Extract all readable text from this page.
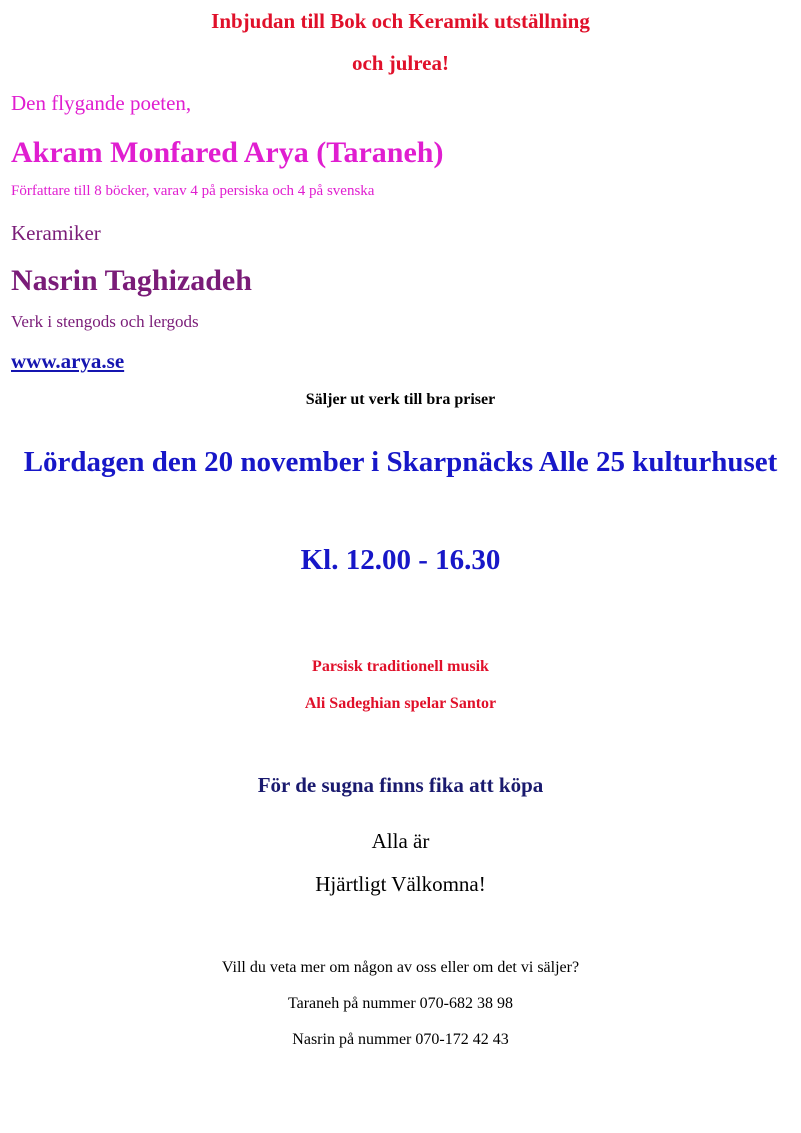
Inbjudan till Bok och Keramik utställning
och julrea!
Den flygande poeten,
Akram Monfared Arya (Taraneh)
Författare till 8 böcker, varav 4 på persiska och 4 på svenska
Keramiker
Nasrin Taghizadeh
Verk i stengods och lergods
www.arya.se
Säljer ut verk till bra priser
Lördagen den 20 november i Skarpnäcks Alle 25 kulturhuset
Kl. 12.00 - 16.30
Parsisk traditionell musik
Ali Sadeghian spelar Santor
För de sugna finns fika att köpa
Alla är
Hjärtligt Välkomna!
Vill du veta mer om någon av oss eller om det vi säljer?
Taraneh på nummer 070-682 38 98
Nasrin på nummer 070-172 42 43
